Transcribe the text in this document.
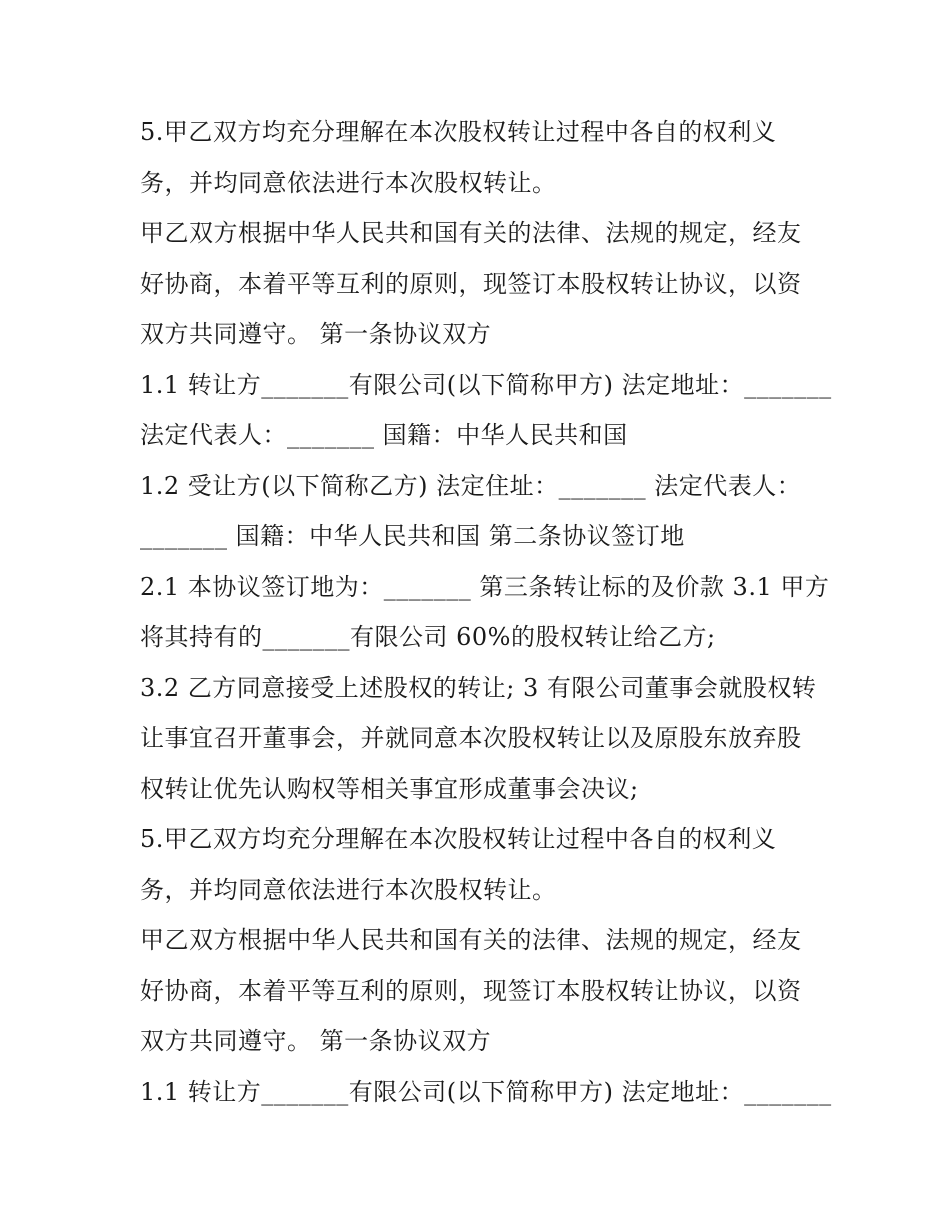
5.甲乙双方均充分理解在本次股权转让过程中各自的权利义
务，并均同意依法进行本次股权转让。
甲乙双方根据中华人民共和国有关的法律、法规的规定，经友
好协商，本着平等互利的原则，现签订本股权转让协议，以资
双方共同遵守。 第一条协议双方
1.1 转让方_______有限公司(以下简称甲方) 法定地址：_______
法定代表人：_______ 国籍：中华人民共和国
1.2 受让方(以下简称乙方) 法定住址：_______ 法定代表人：
_______ 国籍：中华人民共和国 第二条协议签订地
2.1 本协议签订地为：_______ 第三条转让标的及价款 3.1 甲方
将其持有的_______有限公司 60%的股权转让给乙方;
3.2 乙方同意接受上述股权的转让; 3 有限公司董事会就股权转
让事宜召开董事会，并就同意本次股权转让以及原股东放弃股
权转让优先认购权等相关事宜形成董事会决议;
5.甲乙双方均充分理解在本次股权转让过程中各自的权利义
务，并均同意依法进行本次股权转让。
甲乙双方根据中华人民共和国有关的法律、法规的规定，经友
好协商，本着平等互利的原则，现签订本股权转让协议，以资
双方共同遵守。 第一条协议双方
1.1 转让方_______有限公司(以下简称甲方) 法定地址：_______
